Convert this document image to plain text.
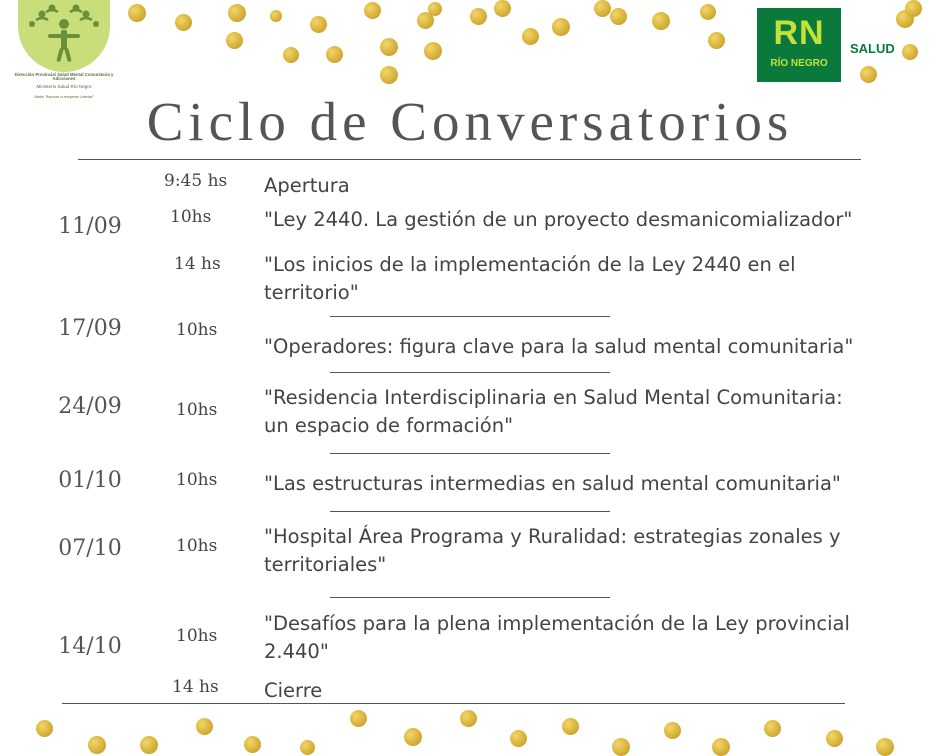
Dirección Provincial Salud Mental Comunitaria y Adicciones
Ministerio Salud Río Negro
Mattie "Rayones la recuperan Libertad"
RN
RÍO NEGRO
SALUD
Ciclo de Conversatorios
11/09
17/09
24/09
01/10
07/10
14/10
9:45 hs
10hs
14 hs
10hs
10hs
10hs
10hs
10hs
14 hs
Apertura
"Ley 2440. La gestión de un proyecto desmanicomializador"
"Los inicios de la implementación de la Ley 2440 en el territorio"
"Operadores: figura clave para la salud mental comunitaria"
"Residencia Interdisciplinaria en Salud Mental Comunitaria: un espacio de formación"
"Las estructuras intermedias en salud mental comunitaria"
"Hospital Área Programa y Ruralidad: estrategias zonales y territoriales"
"Desafíos para la plena implementación de la Ley provincial 2.440"
Cierre
